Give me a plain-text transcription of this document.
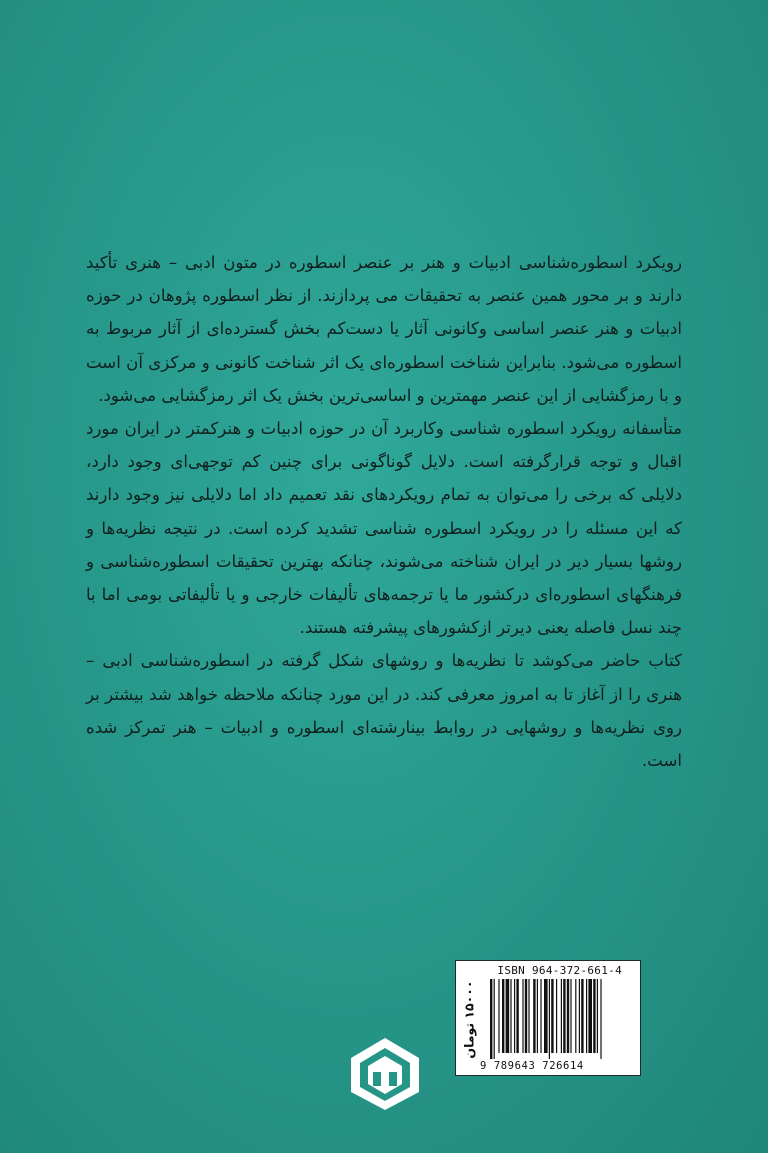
رویکرد اسطوره‌شناسی ادبیات و هنر بر عنصر اسطوره در متون ادبی – هنری تأکید دارند و بر محور همین عنصر به تحقیقات می پردازند. از نظر اسطوره پژوهان در حوزه ادبیات و هنر عنصر اساسی وکانونی آثار یا دست‌کم بخش گسترده‌ای از آثار مربوط به اسطوره می‌شود. بنابراین شناخت اسطوره‌ای یک اثر شناخت کانونی و مرکزی آن است و با رمزگشایی از این عنصر مهمترین و اساسی‌ترین بخش یک اثر رمزگشایی می‌شود.

متأسفانه رویکرد اسطوره شناسی وکاربرد آن در حوزه ادبیات و هنرکمتر در ایران مورد اقبال و توجه قرارگرفته است. دلایل گوناگونی برای چنین کم توجهی‌ای وجود دارد، دلایلی که برخی را می‌توان به تمام رویکردهای نقد تعمیم داد اما دلایلی نیز وجود دارند که این مسئله را در رویکرد اسطوره شناسی تشدید کرده است. در نتیجه نظریه‌ها و روشها بسیار دیر در ایران شناخته می‌شوند، چنانکه بهترین تحقیقات اسطوره‌شناسی و فرهنگهای اسطوره‌ای درکشور ما یا ترجمه‌های تألیفات خارجی و یا تألیفاتی بومی اما با چند نسل فاصله یعنی دیرتر ازکشورهای پیشرفته هستند.

کتاب حاضر می‌کوشد تا نظریه‌ها و روشهای شکل گرفته در اسطوره‌شناسی ادبی – هنری را از آغاز تا به امروز معرفی کند. در این مورد چنانکه ملاحظه خواهد شد بیشتر بر روی نظریه‌ها و روشهایی در روابط بینارشته‌ای اسطوره و ادبیات – هنر تمرکز شده است.

ISBN 964-372-661-4
9 789643 726614
۱۵۰۰۰ تومان
